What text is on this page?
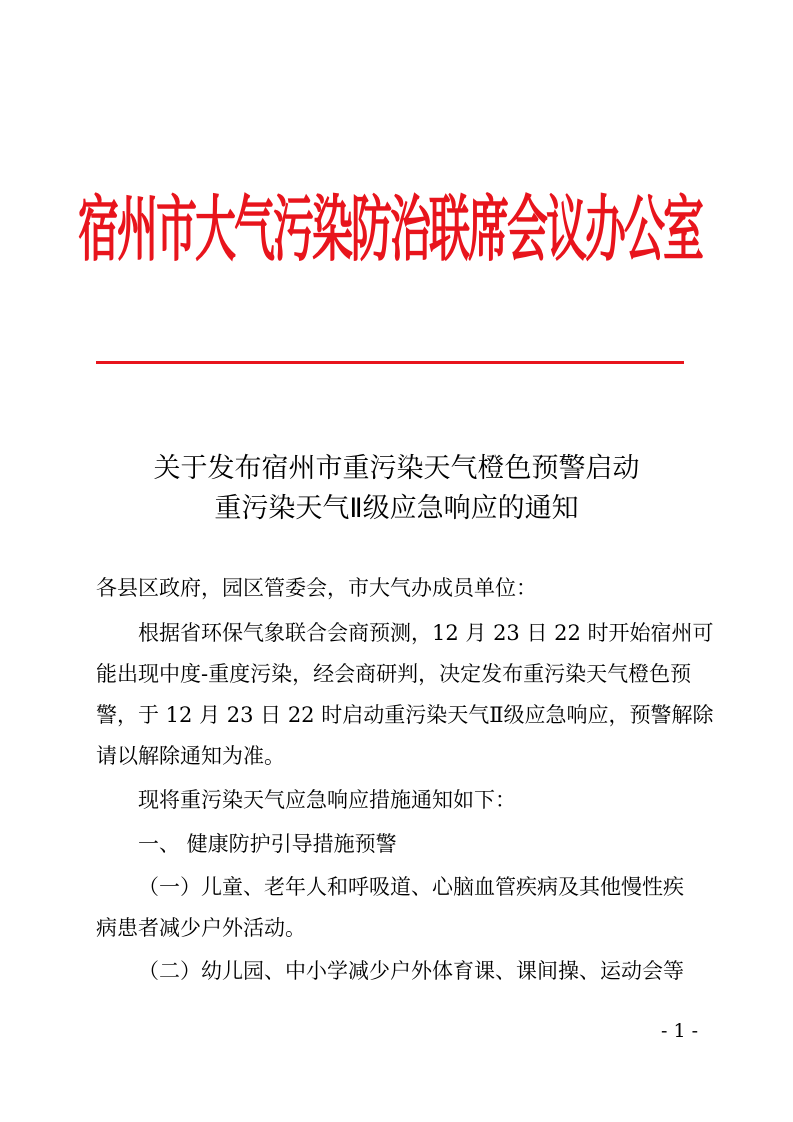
宿州市大气污染防治联席会议办公室
关于发布宿州市重污染天气橙色预警启动
重污染天气Ⅱ级应急响应的通知
各县区政府，园区管委会，市大气办成员单位：
根据省环保气象联合会商预测，12 月 23 日 22 时开始宿州可
能出现中度-重度污染，经会商研判，决定发布重污染天气橙色预
警，于 12 月 23 日 22 时启动重污染天气Ⅱ级应急响应，预警解除
请以解除通知为准。
现将重污染天气应急响应措施通知如下：
一、 健康防护引导措施预警
（一）儿童、老年人和呼吸道、心脑血管疾病及其他慢性疾
病患者减少户外活动。
（二）幼儿园、中小学减少户外体育课、课间操、运动会等
- 1 -
